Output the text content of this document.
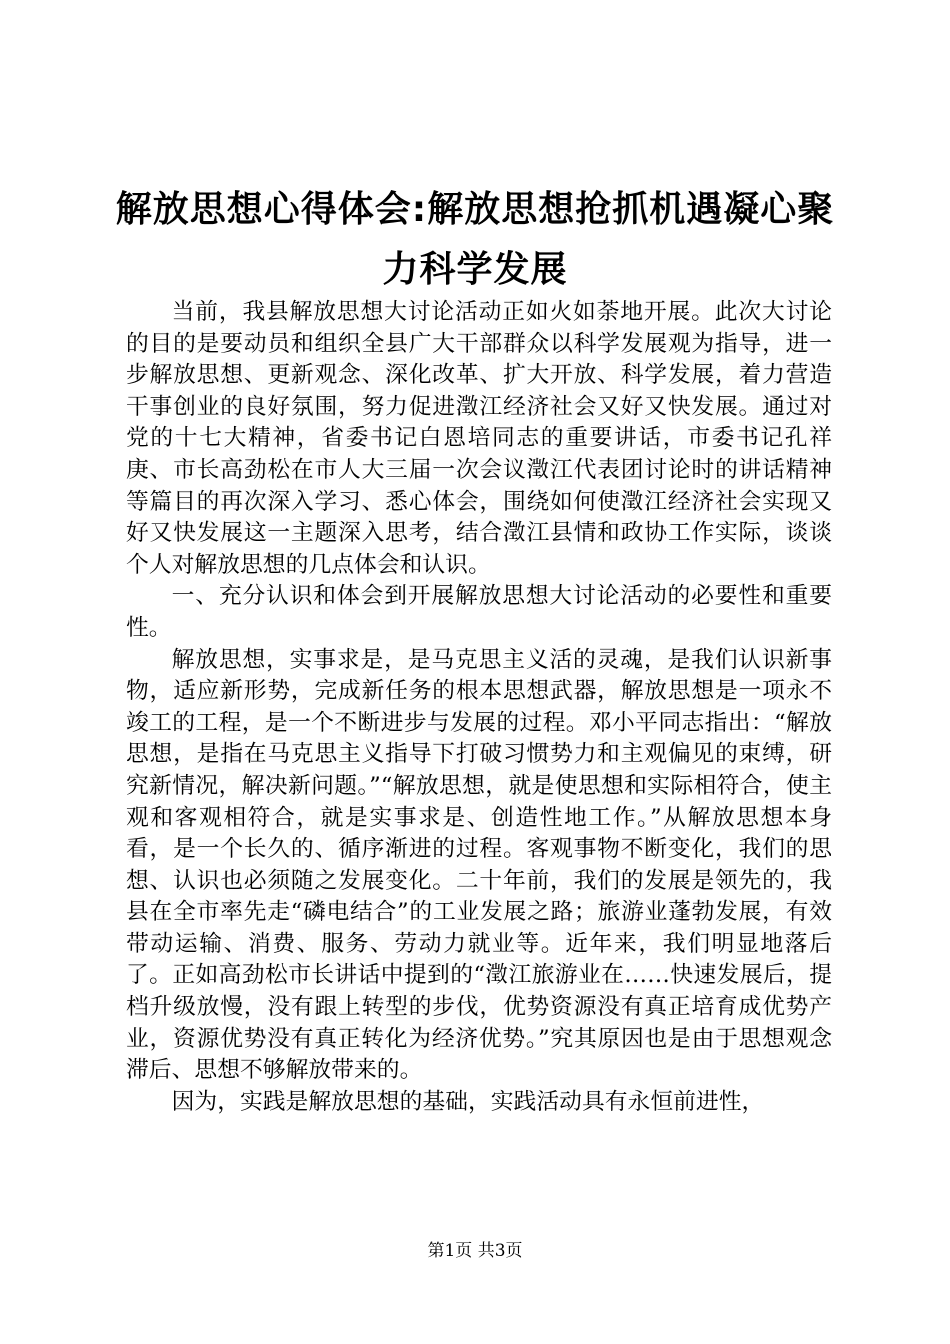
解放思想心得体会:解放思想抢抓机遇凝心聚
力科学发展

当前，我县解放思想大讨论活动正如火如荼地开展。此次大讨论的目的是要动员和组织全县广大干部群众以科学发展观为指导，进一步解放思想、更新观念、深化改革、扩大开放、科学发展，着力营造干事创业的良好氛围，努力促进澂江经济社会又好又快发展。通过对党的十七大精神，省委书记白恩培同志的重要讲话，市委书记孔祥庚、市长高劲松在市人大三届一次会议澂江代表团讨论时的讲话精神等篇目的再次深入学习、悉心体会，围绕如何使澂江经济社会实现又好又快发展这一主题深入思考，结合澂江县情和政协工作实际，谈谈个人对解放思想的几点体会和认识。

一、充分认识和体会到开展解放思想大讨论活动的必要性和重要性。

解放思想，实事求是，是马克思主义活的灵魂，是我们认识新事物，适应新形势，完成新任务的根本思想武器，解放思想是一项永不竣工的工程，是一个不断进步与发展的过程。邓小平同志指出：“解放思想，是指在马克思主义指导下打破习惯势力和主观偏见的束缚，研究新情况，解决新问题。”“解放思想，就是使思想和实际相符合，使主观和客观相符合，就是实事求是、创造性地工作。”从解放思想本身看，是一个长久的、循序渐进的过程。客观事物不断变化，我们的思想、认识也必须随之发展变化。二十年前，我们的发展是领先的，我县在全市率先走“磷电结合”的工业发展之路；旅游业蓬勃发展，有效带动运输、消费、服务、劳动力就业等。近年来，我们明显地落后了。正如高劲松市长讲话中提到的“澂江旅游业在……快速发展后，提档升级放慢，没有跟上转型的步伐，优势资源没有真正培育成优势产业，资源优势没有真正转化为经济优势。”究其原因也是由于思想观念滞后、思想不够解放带来的。

因为，实践是解放思想的基础，实践活动具有永恒前进性，

第1页 共3页
